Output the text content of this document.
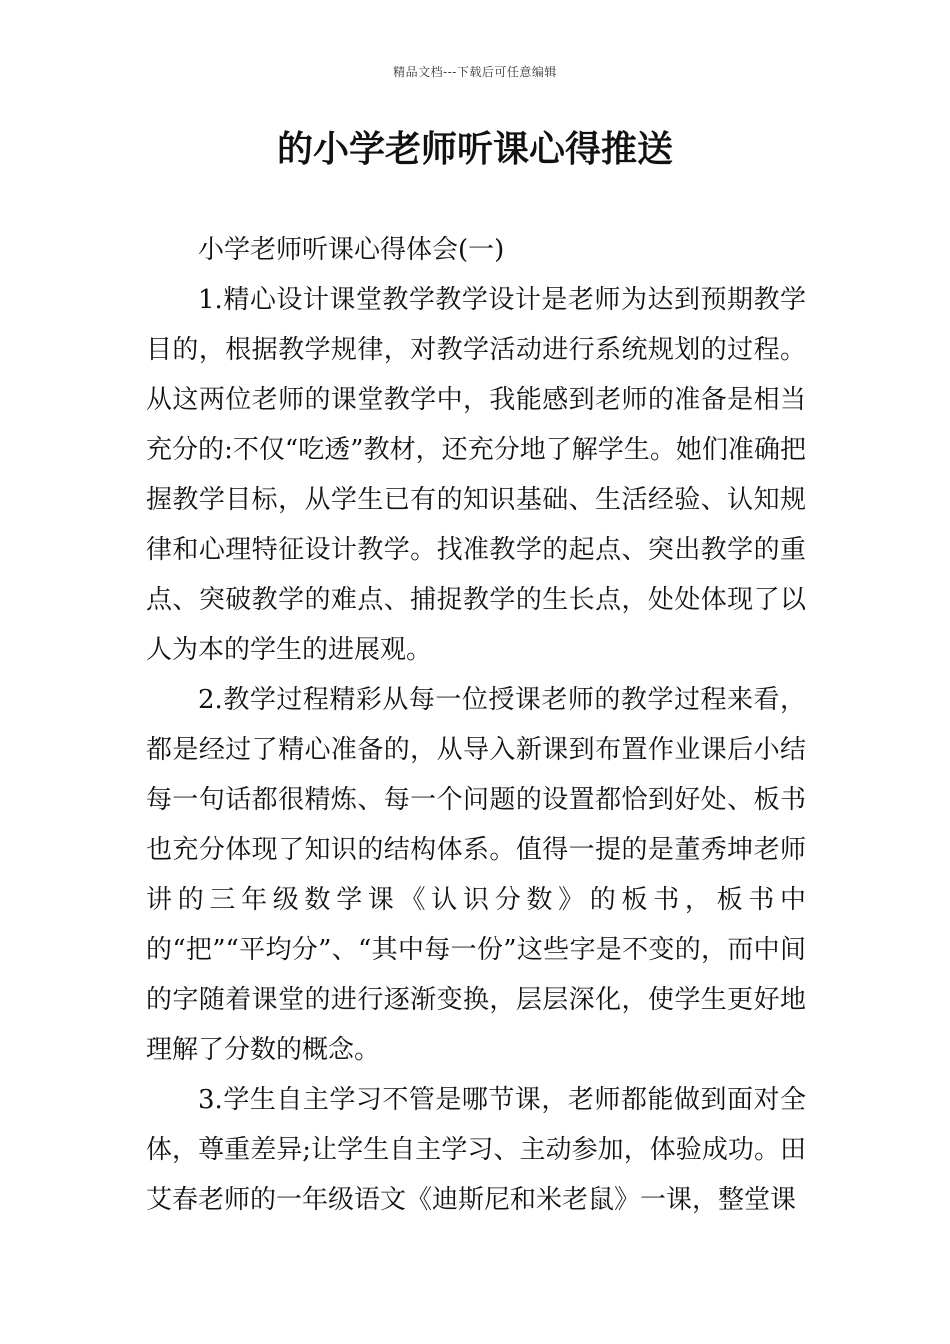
精品文档---下载后可任意编辑
的小学老师听课心得推送

小学老师听课心得体会(一)

1.精心设计课堂教学教学设计是老师为达到预期教学目的，根据教学规律，对教学活动进行系统规划的过程。从这两位老师的课堂教学中，我能感到老师的准备是相当充分的:不仅“吃透”教材，还充分地了解学生。她们准确把握教学目标，从学生已有的知识基础、生活经验、认知规律和心理特征设计教学。找准教学的起点、突出教学的重点、突破教学的难点、捕捉教学的生长点，处处体现了以人为本的学生的进展观。

2.教学过程精彩从每一位授课老师的教学过程来看，都是经过了精心准备的，从导入新课到布置作业课后小结每一句话都很精炼、每一个问题的设置都恰到好处、板书也充分体现了知识的结构体系。值得一提的是董秀坤老师讲的三年级数学课《认识分数》的板书，板书中的“把”“平均分”、“其中每一份”这些字是不变的，而中间的字随着课堂的进行逐渐变换，层层深化，使学生更好地理解了分数的概念。

3.学生自主学习不管是哪节课，老师都能做到面对全体，尊重差异;让学生自主学习、主动参加，体验成功。田艾春老师的一年级语文《迪斯尼和米老鼠》一课，整堂课
